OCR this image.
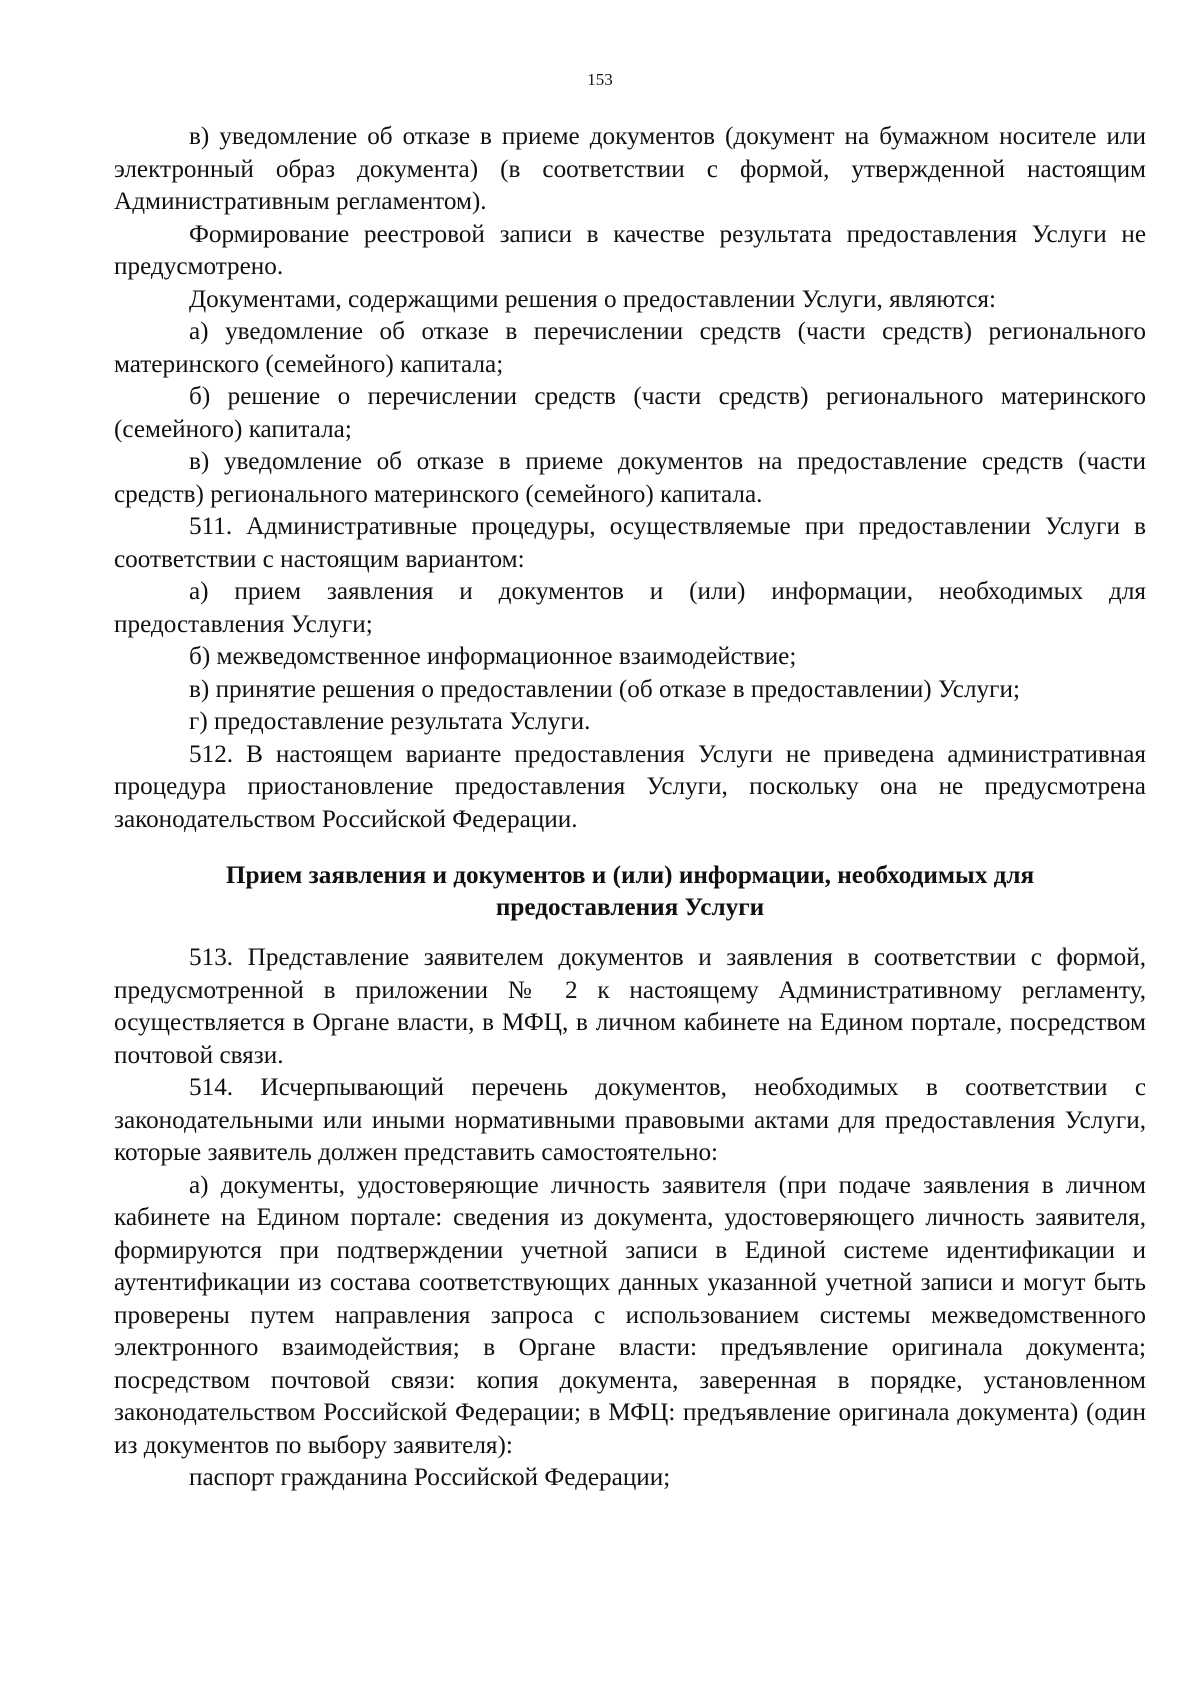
153

в) уведомление об отказе в приеме документов (документ на бумажном носителе или электронный образ документа) (в соответствии с формой, утвержденной настоящим Административным регламентом).

Формирование реестровой записи в качестве результата предоставления Услуги не предусмотрено.

Документами, содержащими решения о предоставлении Услуги, являются:

а) уведомление об отказе в перечислении средств (части средств) регионального материнского (семейного) капитала;

б) решение о перечислении средств (части средств) регионального материнского (семейного) капитала;

в) уведомление об отказе в приеме документов на предоставление средств (части средств) регионального материнского (семейного) капитала.

511. Административные процедуры, осуществляемые при предоставлении Услуги в соответствии с настоящим вариантом:

а) прием заявления и документов и (или) информации, необходимых для предоставления Услуги;

б) межведомственное информационное взаимодействие;

в) принятие решения о предоставлении (об отказе в предоставлении) Услуги;

г) предоставление результата Услуги.

512. В настоящем варианте предоставления Услуги не приведена административная процедура приостановление предоставления Услуги, поскольку она не предусмотрена законодательством Российской Федерации.

Прием заявления и документов и (или) информации, необходимых для

предоставления Услуги

513. Представление заявителем документов и заявления в соответствии с формой, предусмотренной в приложении № 2 к настоящему Административному регламенту, осуществляется в Органе власти, в МФЦ, в личном кабинете на Едином портале, посредством почтовой связи.

514. Исчерпывающий перечень документов, необходимых в соответствии с законодательными или иными нормативными правовыми актами для предоставления Услуги, которые заявитель должен представить самостоятельно:

а) документы, удостоверяющие личность заявителя (при подаче заявления в личном кабинете на Едином портале: сведения из документа, удостоверяющего личность заявителя, формируются при подтверждении учетной записи в Единой системе идентификации и аутентификации из состава соответствующих данных указанной учетной записи и могут быть проверены путем направления запроса с использованием системы межведомственного электронного взаимодействия; в Органе власти: предъявление оригинала документа; посредством почтовой связи: копия документа, заверенная в порядке, установленном законодательством Российской Федерации; в МФЦ: предъявление оригинала документа) (один из документов по выбору заявителя):

паспорт гражданина Российской Федерации;
